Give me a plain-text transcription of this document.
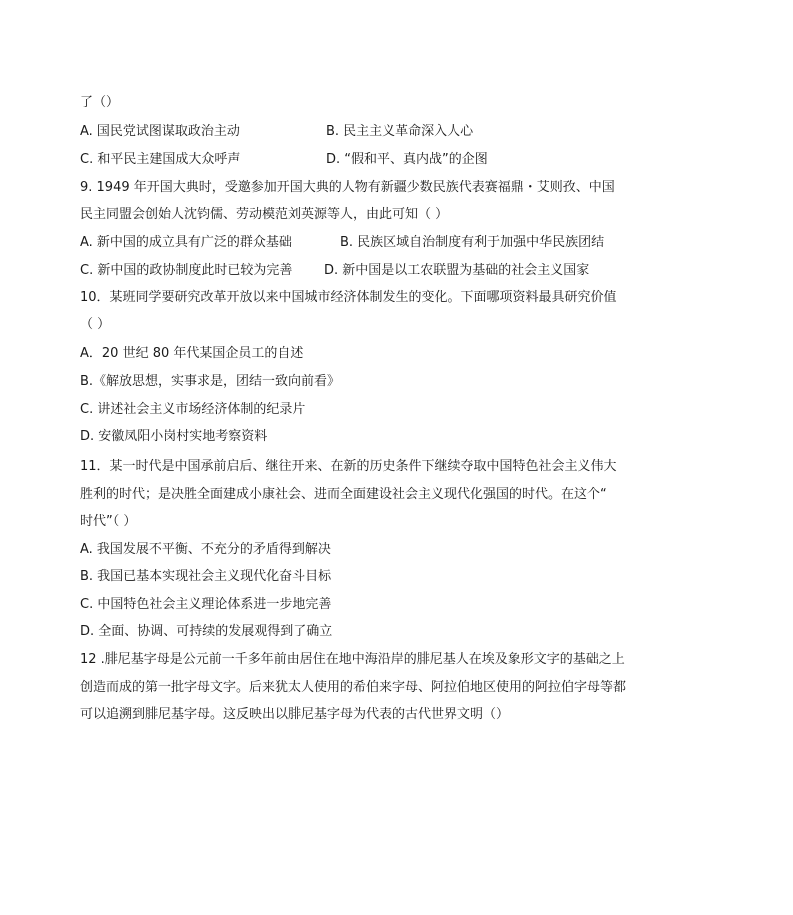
了（）
A. 国民党试图谋取政治主动	B. 民主主义革命深入人心
C. 和平民主建国成大众呼声	D. “假和平、真内战”的企图
9. 1949 年开国大典时，受邀参加开国大典的人物有新疆少数民族代表赛福鼎・艾则孜、中国
民主同盟会创始人沈钧儒、劳动模范刘英源等人，由此可知（ ）
A. 新中国的成立具有广泛的群众基础	B. 民族区域自治制度有利于加强中华民族团结
C. 新中国的政协制度此时已较为完善 D. 新中国是以工农联盟为基础的社会主义国家
10．某班同学要研究改革开放以来中国城市经济体制发生的变化。下面哪项资料最具研究价值
（ ）
A．20 世纪 80 年代某国企员工的自述
B.《解放思想，实事求是，团结一致向前看》
C. 讲述社会主义市场经济体制的纪录片
D. 安徽凤阳小岗村实地考察资料
11．某一时代是中国承前启后、继往开来、在新的历史条件下继续夺取中国特色社会主义伟大
胜利的时代；是决胜全面建成小康社会、进而全面建设社会主义现代化强国的时代。在这个“
时代”（ ）
A. 我国发展不平衡、不充分的矛盾得到解决
B. 我国已基本实现社会主义现代化奋斗目标
C. 中国特色社会主义理论体系进一步地完善
D. 全面、协调、可持续的发展观得到了确立
12 .腓尼基字母是公元前一千多年前由居住在地中海沿岸的腓尼基人在埃及象形文字的基础之上
创造而成的第一批字母文字。后来犹太人使用的希伯来字母、阿拉伯地区使用的阿拉伯字母等都
可以追溯到腓尼基字母。这反映出以腓尼基字母为代表的古代世界文明（）
